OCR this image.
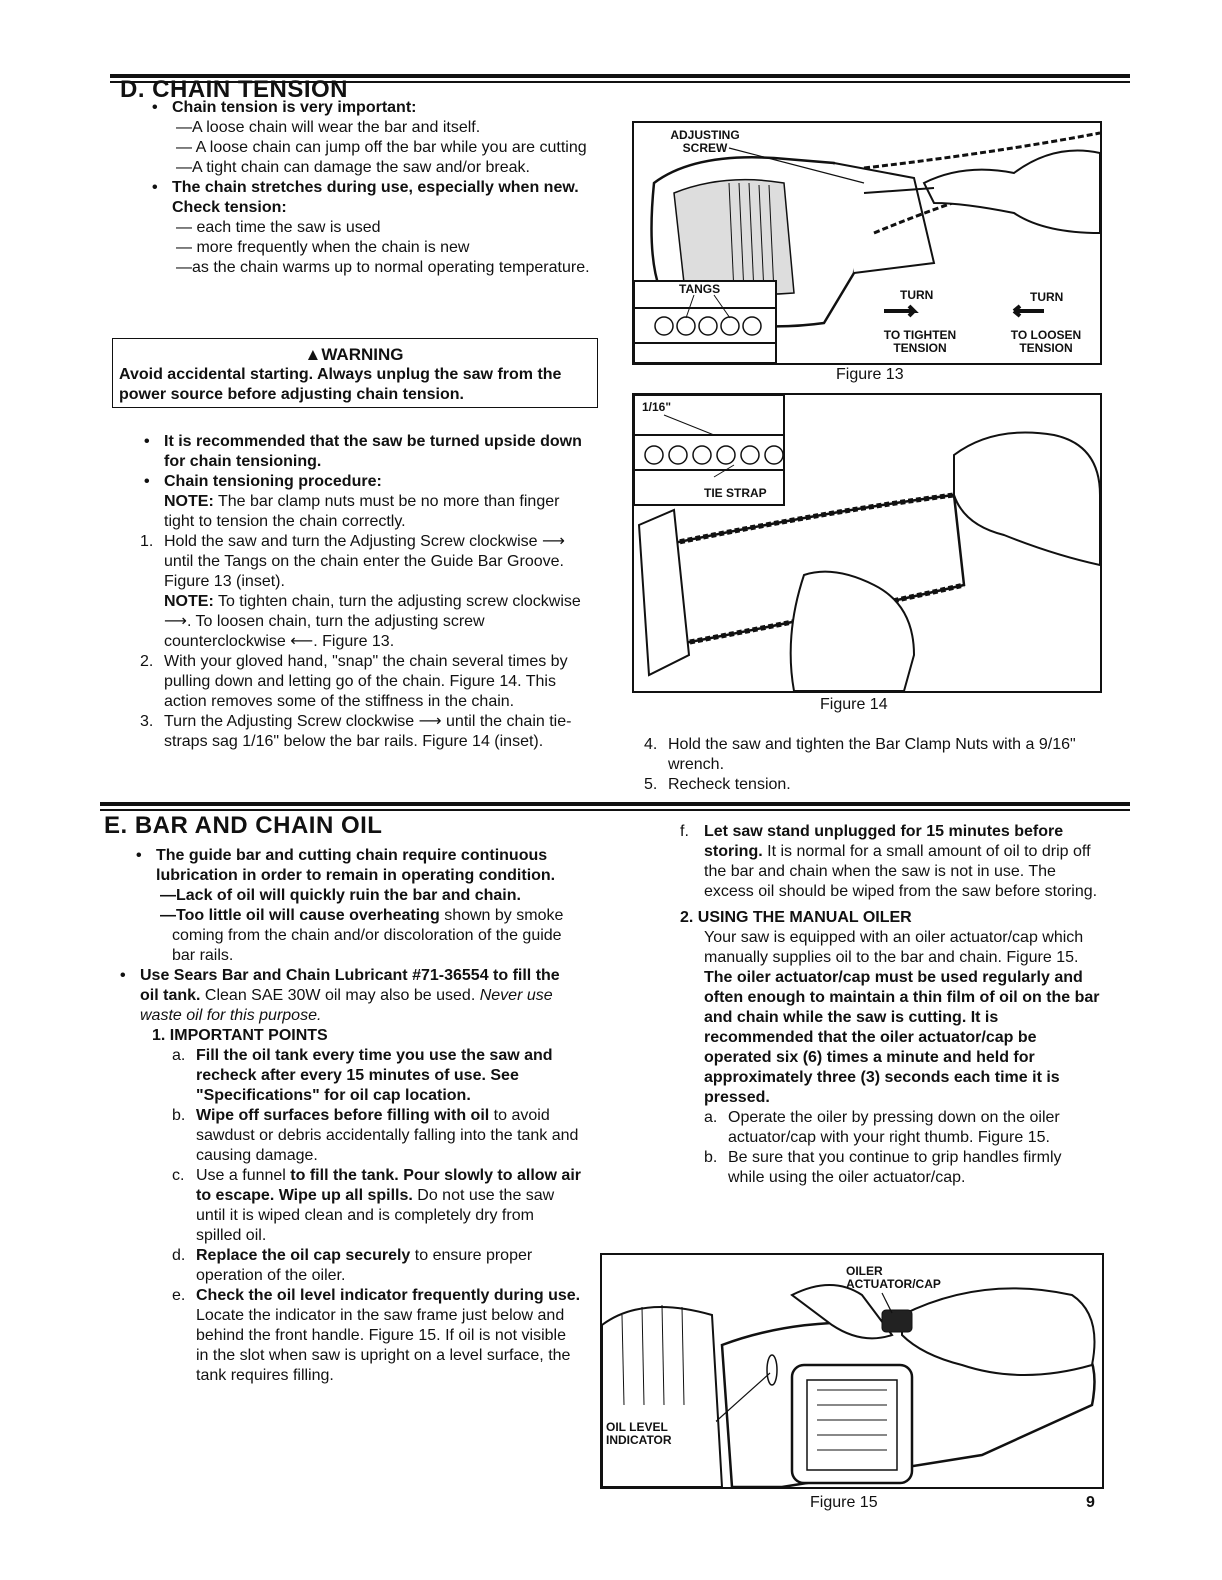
D. CHAIN TENSION

• Chain tension is very important:

—A loose chain will wear the bar and itself.

— A loose chain can jump off the bar while you are cutting

—A tight chain can damage the saw and/or break.

• The chain stretches during use, especially when new. Check tension:

— each time the saw is used

— more frequently when the chain is new

—as the chain warms up to normal operating temperature.

▲WARNING

Avoid accidental starting. Always unplug the saw from the power source before adjusting chain tension.

• It is recommended that the saw be turned upside down for chain tensioning.

• Chain tensioning procedure:

NOTE: The bar clamp nuts must be no more than finger tight to tension the chain correctly.

1. Hold the saw and turn the Adjusting Screw clockwise ⟶ until the Tangs on the chain enter the Guide Bar Groove. Figure 13 (inset).

NOTE: To tighten chain, turn the adjusting screw clockwise ⟶. To loosen chain, turn the adjusting screw counterclockwise ⟵. Figure 13.

2. With your gloved hand, "snap" the chain several times by pulling down and letting go of the chain. Figure 14. This action removes some of the stiffness in the chain.

3. Turn the Adjusting Screw clockwise ⟶ until the chain tie-straps sag 1/16" below the bar rails. Figure 14 (inset).

ADJUSTING SCREW
TANGS	TURN	TURN
TO TIGHTEN TENSION
TO LOOSEN TENSION
Figure 13
1/16"
TIE STRAP
Figure 14

4. Hold the saw and tighten the Bar Clamp Nuts with a 9/16" wrench.

5. Recheck tension.

E. BAR AND CHAIN OIL

• The guide bar and cutting chain require continuous lubrication in order to remain in operating condition.

—Lack of oil will quickly ruin the bar and chain.

—Too little oil will cause overheating shown by smoke coming from the chain and/or discoloration of the guide bar rails.

• Use Sears Bar and Chain Lubricant #71-36554 to fill the oil tank. Clean SAE 30W oil may also be used. Never use waste oil for this purpose.

1. IMPORTANT POINTS

a. Fill the oil tank every time you use the saw and recheck after every 15 minutes of use. See "Specifications" for oil cap location.

b. Wipe off surfaces before filling with oil to avoid sawdust or debris accidentally falling into the tank and causing damage.

c. Use a funnel to fill the tank. Pour slowly to allow air to escape. Wipe up all spills. Do not use the saw until it is wiped clean and is completely dry from spilled oil.

d. Replace the oil cap securely to ensure proper operation of the oiler.

e. Check the oil level indicator frequently during use. Locate the indicator in the saw frame just below and behind the front handle. Figure 15. If oil is not visible in the slot when saw is upright on a level surface, the tank requires filling.

f. Let saw stand unplugged for 15 minutes before storing. It is normal for a small amount of oil to drip off the bar and chain when the saw is not in use. The excess oil should be wiped from the saw before storing.

2. USING THE MANUAL OILER

Your saw is equipped with an oiler actuator/cap which manually supplies oil to the bar and chain. Figure 15. The oiler actuator/cap must be used regularly and often enough to maintain a thin film of oil on the bar and chain while the saw is cutting. It is recommended that the oiler actuator/cap be operated six (6) times a minute and held for approximately three (3) seconds each time it is pressed.

a. Operate the oiler by pressing down on the oiler actuator/cap with your right thumb. Figure 15.

b. Be sure that you continue to grip handles firmly while using the oiler actuator/cap.

OILER ACTUATOR/CAP
OIL LEVEL INDICATOR
Figure 15	9
